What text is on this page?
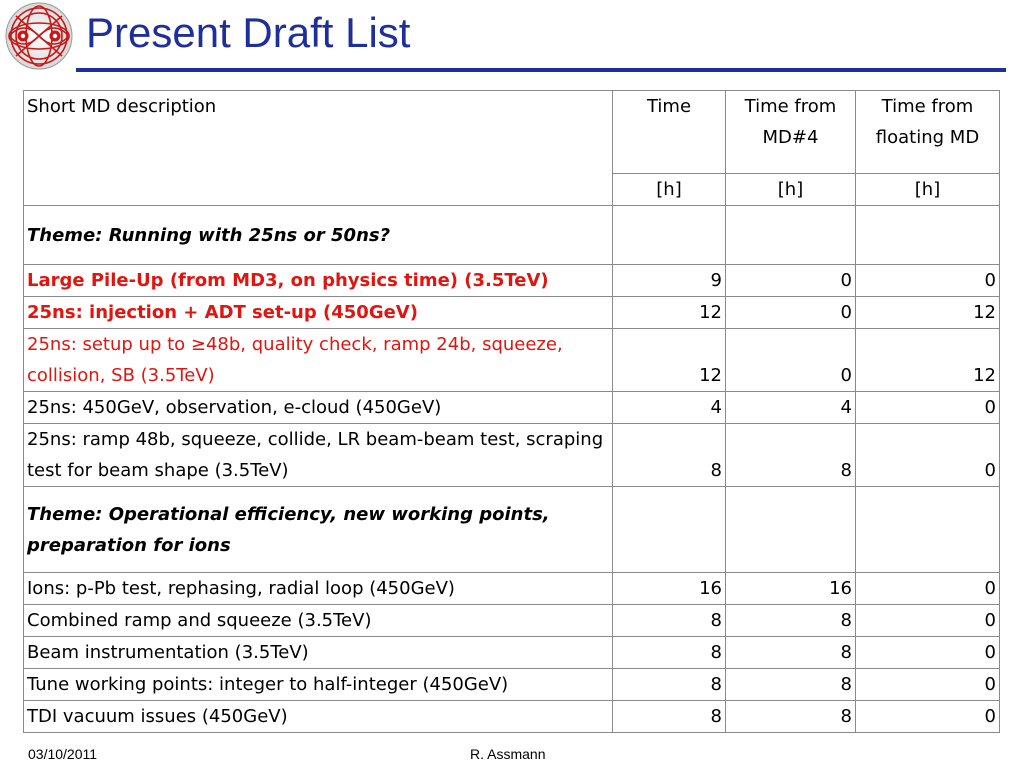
Present Draft List
Short MD description	Time	Time from MD#4	Time from floating MD
	[h]	[h]	[h]
Theme: Running with 25ns or 50ns?			
Large Pile-Up (from MD3, on physics time) (3.5TeV)	9	0	0
25ns: injection + ADT set-up (450GeV)	12	0	12
25ns: setup up to ≥48b, quality check, ramp 24b, squeeze, collision, SB (3.5TeV)	12	0	12
25ns: 450GeV, observation, e-cloud (450GeV)	4	4	0
25ns: ramp 48b, squeeze, collide, LR beam-beam test, scraping test for beam shape (3.5TeV)	8	8	0
Theme: Operational efficiency, new working points, preparation for ions			
Ions: p-Pb test, rephasing, radial loop (450GeV)	16	16	0
Combined ramp and squeeze (3.5TeV)	8	8	0
Beam instrumentation (3.5TeV)	8	8	0
Tune working points: integer to half-integer (450GeV)	8	8	0
TDI vacuum issues (450GeV)	8	8	0
03/10/2011	R. Assmann
